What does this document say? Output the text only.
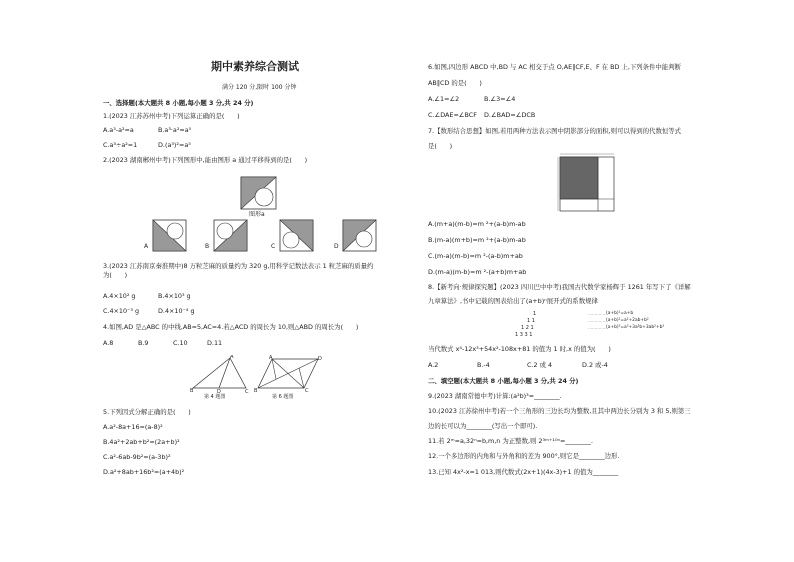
期中素养综合测试
满分 120 分,限时 100 分钟
一、选择题(本大题共 8 小题,每小题 3 分,共 24 分)
1.(2023 江苏苏州中考)下列运算正确的是(　　)
A.a³-a²=a	B.a³·a²=a⁵
C.a³÷a²=1	D.(a³)²=a⁵
2.(2023 湖南郴州中考)下列图形中,能由图形 a 通过平移得到的是(　　)
图形a
A	B	C	D
3.(2023 江苏南京秦淮期中)8 万粒芝麻的质量约为 320 g,用科学记数法表示 1 粒芝麻的质量约
为(　　)
A.4×10² g	B.4×10³ g
C.4×10⁻³ g	D.4×10⁻⁴ g
4.如图,AD 是△ABC 的中线,AB=5,AC=4.若△ACD 的周长为 10,则△ABD 的周长为(　　)
A.8	B.9	C.10	D.11
A
B	D	C
第 4 题图
A	D
B	C
第 6 题图
5.下列因式分解正确的是(　　)
A.a²-8a+16=(a-8)²
B.4a²+2ab+b²=(2a+b)²
C.a²-6ab-9b²=(a-3b)²
D.a²+8ab+16b²=(a+4b)²
6.如图,四边形 ABCD 中,BD 与 AC 相交于点 O,AE∥CF,E、F 在 BD 上,下列条件中能判断
AB∥CD 的是(　　)
A.∠1=∠2	B.∠3=∠4
C.∠DAE=∠BCF D.∠BAD=∠DCB
7.【数形结合思想】如图,若用两种方法表示图中阴影部分的面积,则可以得到的代数恒等式
是(　　)
A.(m+a)(m-b)=m ²+(a-b)m-ab
B.(m-a)(m+b)=m ²+(a-b)m-ab
C.(m-a)(m-b)=m ²-(a-b)m+ab
D.(m-a)(m-b)=m ²-(a+b)m+ab
8.【新考向·规律探究题】(2023 四川巴中中考)我国古代数学家杨辉于 1261 年写下了《详解
九章算法》,书中记载的图表给出了(a+b)ⁿ展开式的系数规律
1
1 1
1 2 1
1 3 3 1
……………
……………
……………
(a+b)¹=a+b
(a+b)²=a²+2ab+b²
(a+b)³=a³+3a²b+3ab²+b³
当代数式 x⁴-12x³+54x²-108x+81 的值为 1 时,x 的值为(　　)
A.2	B.-4	C.2 或 4	D.2 或-4
二、填空题(本大题共 8 小题,每小题 3 分,共 24 分)
9.(2023 湖南常德中考)计算:(a²b)³=________.
10.(2023 江苏徐州中考)若一个三角形的三边长均为整数,且其中两边长分别为 3 和 5,则第三
边的长可以为________(写出一个即可).
11.若 2ᵐ=a,32ⁿ=b,m,n 为正整数,则 2³ᵐ⁺¹⁰ⁿ=________.
12.一个多边形的内角和与外角和的差为 900°,则它是________边形.
13.已知 4x²-x=1 013,则代数式(2x+1)(4x-3)+1 的值为________
